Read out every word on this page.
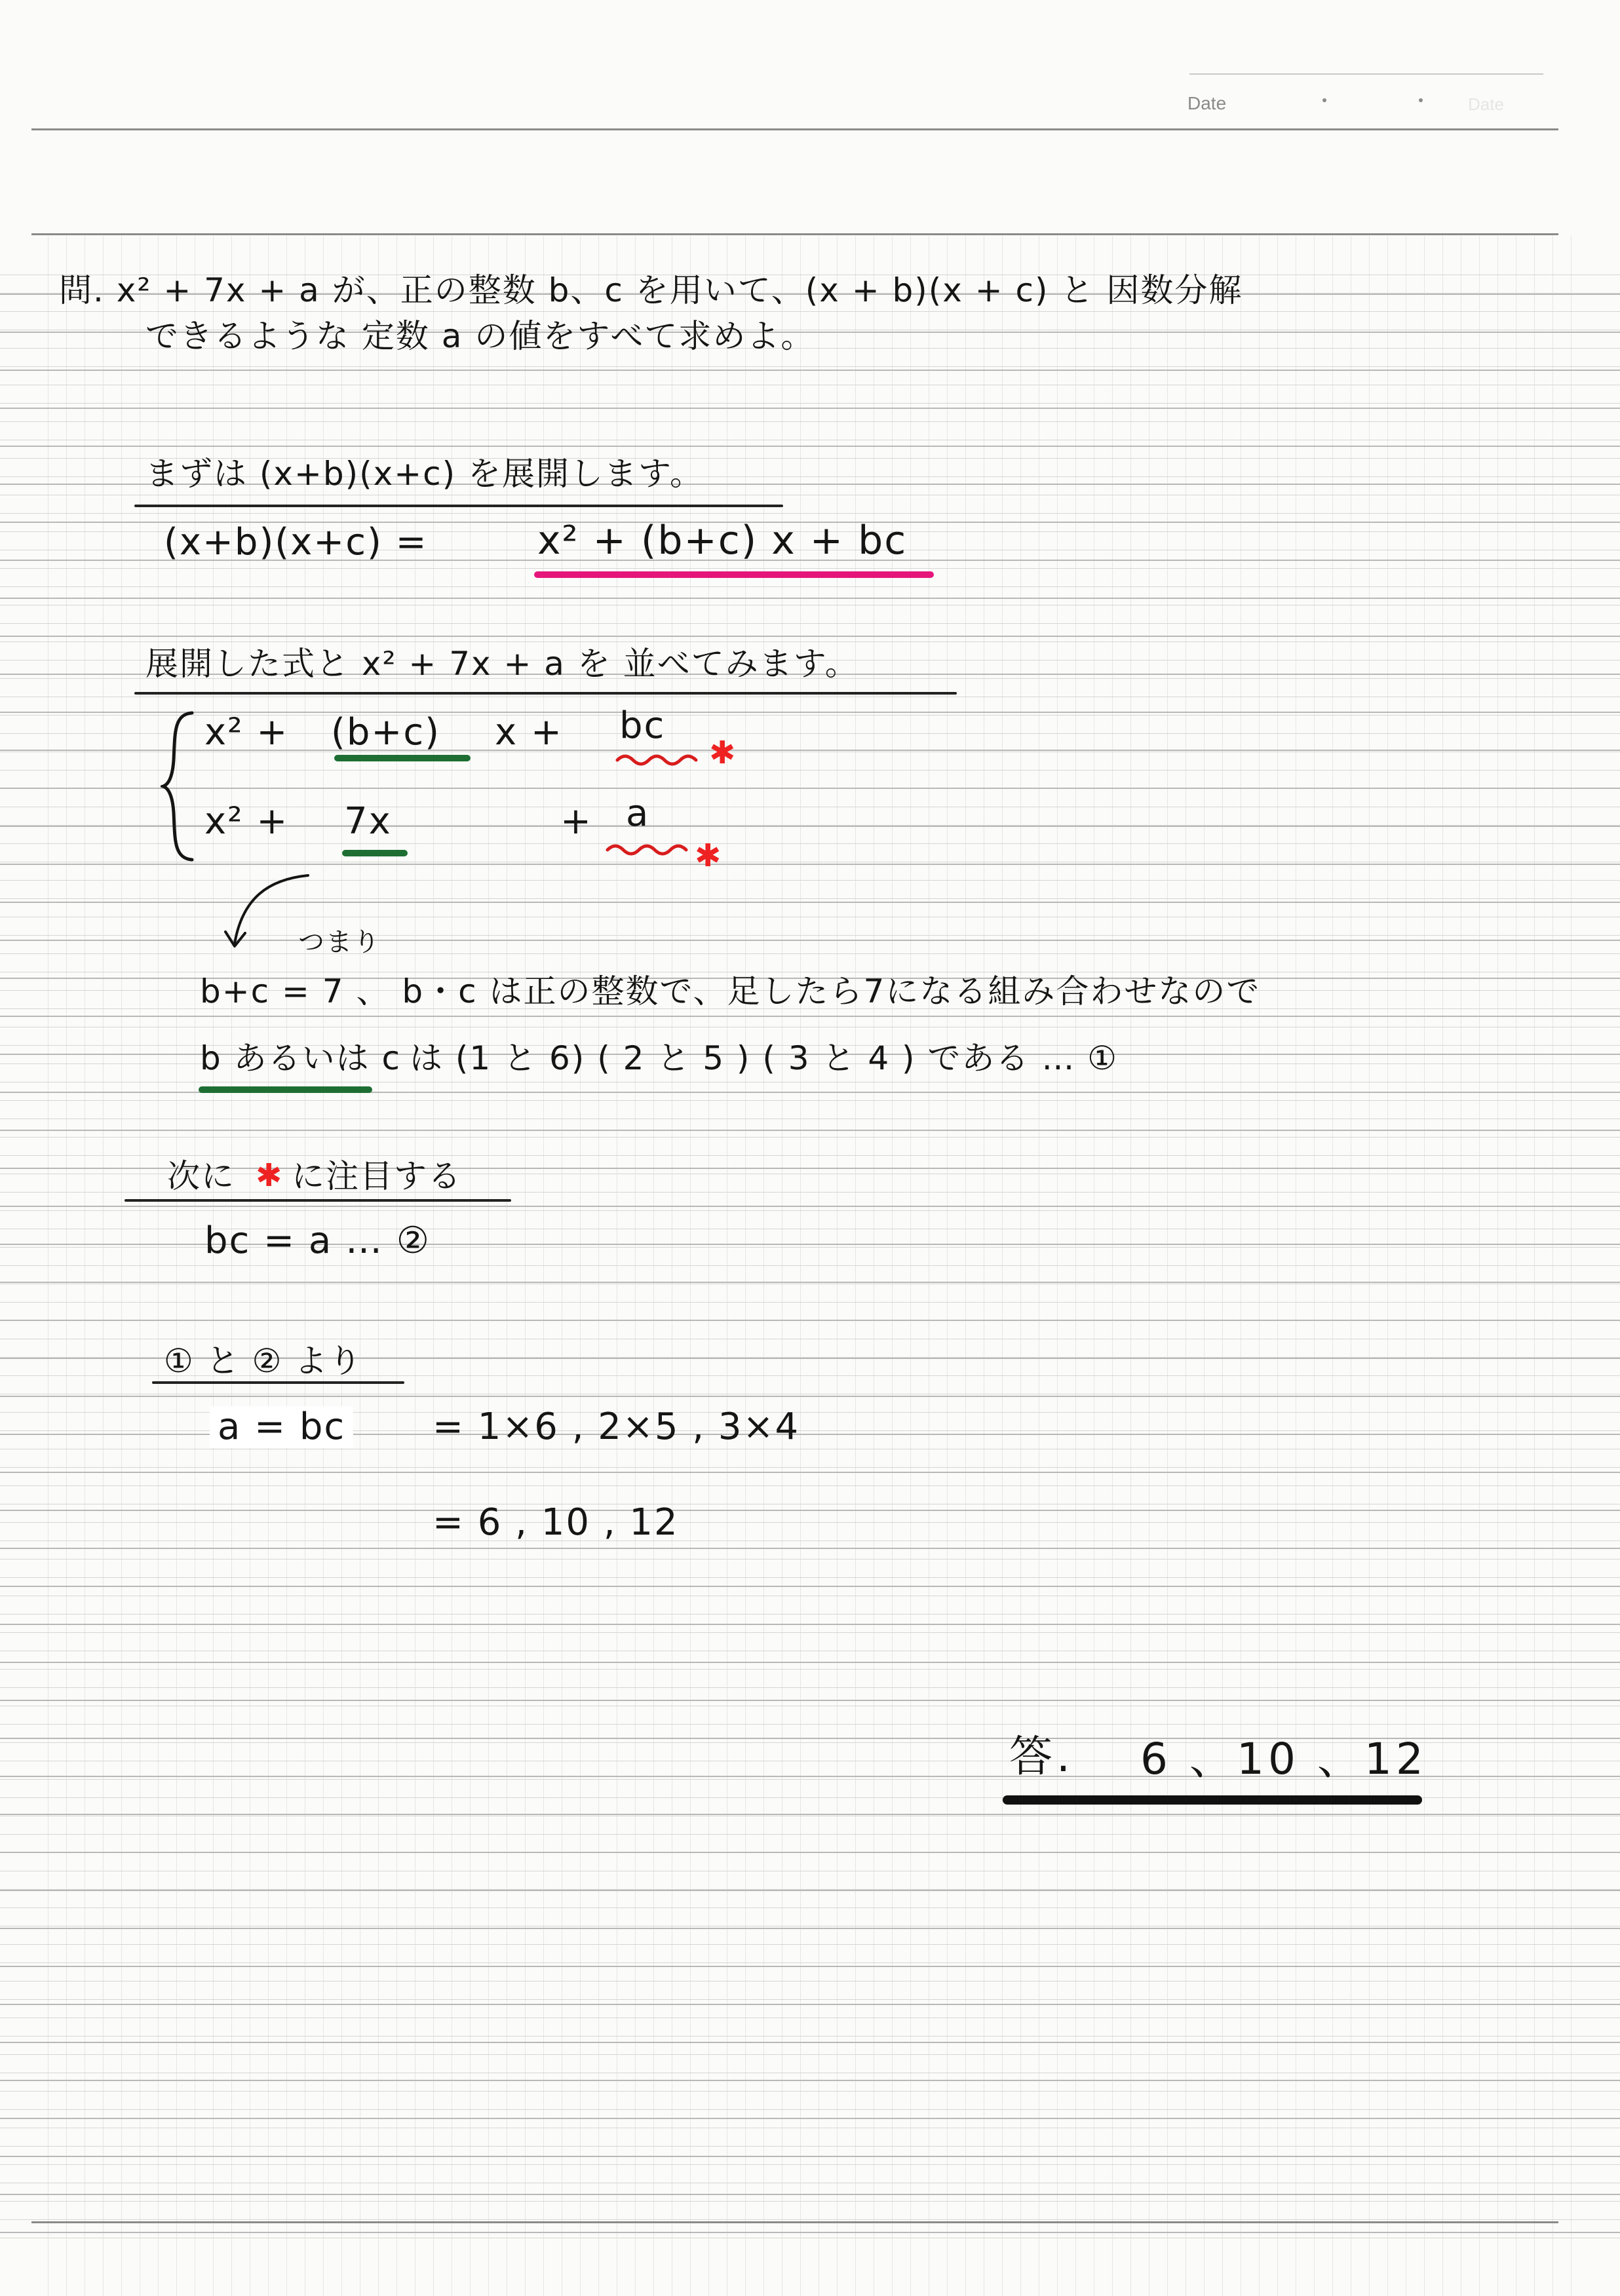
Date	Date
問. x² + 7x + a が、正の整数 b、c を用いて、(x + b)(x + c) と 因数分解
できるような 定数 a の値をすべて求めよ。
まずは (x+b)(x+c) を展開します。
(x+b)(x+c) =	x² + (b+c) x + bc
展開した式と x² + 7x + a を 並べてみます。
x² + (b+c) x + bc
✱
x² + 7x	+ a
✱
つまり
b+c = 7 、 b・c は正の整数で、足したら7になる組み合わせなので
b あるいは c は (1 と 6) ( 2 と 5 ) ( 3 と 4 ) である … ①
次に ✱ に注目する
bc = a … ②
① と ② より
a = bc = 1×6 , 2×5 , 3×4
= 6 , 10 , 12
答. 6 、10 、12
